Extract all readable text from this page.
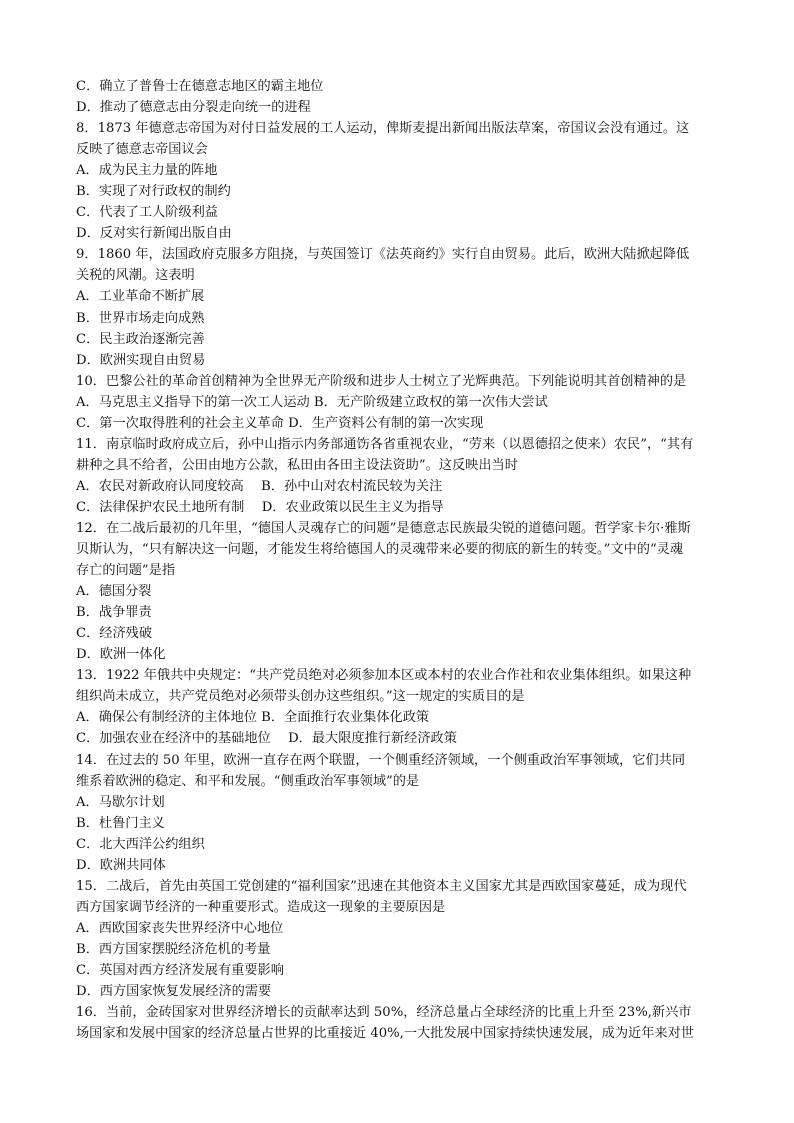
C．确立了普鲁士在德意志地区的霸主地位
D．推动了德意志由分裂走向统一的进程
8．1873 年德意志帝国为对付日益发展的工人运动，俾斯麦提出新闻出版法草案，帝国议会没有通过。这
反映了德意志帝国议会
A．成为民主力量的阵地
B．实现了对行政权的制约
C．代表了工人阶级利益
D．反对实行新闻出版自由
9．1860 年，法国政府克服多方阻挠，与英国签订《法英商约》实行自由贸易。此后，欧洲大陆掀起降低
关税的风潮。这表明
A．工业革命不断扩展
B．世界市场走向成熟
C．民主政治逐渐完善
D．欧洲实现自由贸易
10．巴黎公社的革命首创精神为全世界无产阶级和进步人士树立了光辉典范。下列能说明其首创精神的是
A．马克思主义指导下的第一次工人运动 B．无产阶级建立政权的第一次伟大尝试
C．第一次取得胜利的社会主义革命 D．生产资料公有制的第一次实现
11．南京临时政府成立后，孙中山指示内务部通饬各省重视农业，“劳来（以恩德招之使来）农民”，“其有
耕种之具不给者，公田由地方公款，私田由各田主设法资助”。这反映出当时
A．农民对新政府认同度较高　 B．孙中山对农村流民较为关注
C．法律保护农民土地所有制　 D．农业政策以民生主义为指导
12．在二战后最初的几年里，“德国人灵魂存亡的问题”是德意志民族最尖锐的道德问题。哲学家卡尔·雅斯
贝斯认为，“只有解决这一问题，才能发生将给德国人的灵魂带来必要的彻底的新生的转变。”文中的“灵魂
存亡的问题”是指
A．德国分裂
B．战争罪责
C．经济残破
D．欧洲一体化
13．1922 年俄共中央规定：“共产党员绝对必须参加本区或本村的农业合作社和农业集体组织。如果这种
组织尚未成立，共产党员绝对必须带头创办这些组织。”这一规定的实质目的是
A．确保公有制经济的主体地位 B．全面推行农业集体化政策
C．加强农业在经济中的基础地位　 D．最大限度推行新经济政策
14．在过去的 50 年里，欧洲一直存在两个联盟，一个侧重经济领域，一个侧重政治军事领域，它们共同
维系着欧洲的稳定、和平和发展。“侧重政治军事领域”的是
A．马歇尔计划
B．杜鲁门主义
C．北大西洋公约组织
D．欧洲共同体
15．二战后，首先由英国工党创建的“福利国家”迅速在其他资本主义国家尤其是西欧国家蔓延，成为现代
西方国家调节经济的一种重要形式。造成这一现象的主要原因是
A．西欧国家丧失世界经济中心地位
B．西方国家摆脱经济危机的考量
C．英国对西方经济发展有重要影响
D．西方国家恢复发展经济的需要
16．当前，金砖国家对世界经济增长的贡献率达到 50%，经济总量占全球经济的比重上升至 23%,新兴市
场国家和发展中国家的经济总量占世界的比重接近 40%,一大批发展中国家持续快速发展，成为近年来对世
